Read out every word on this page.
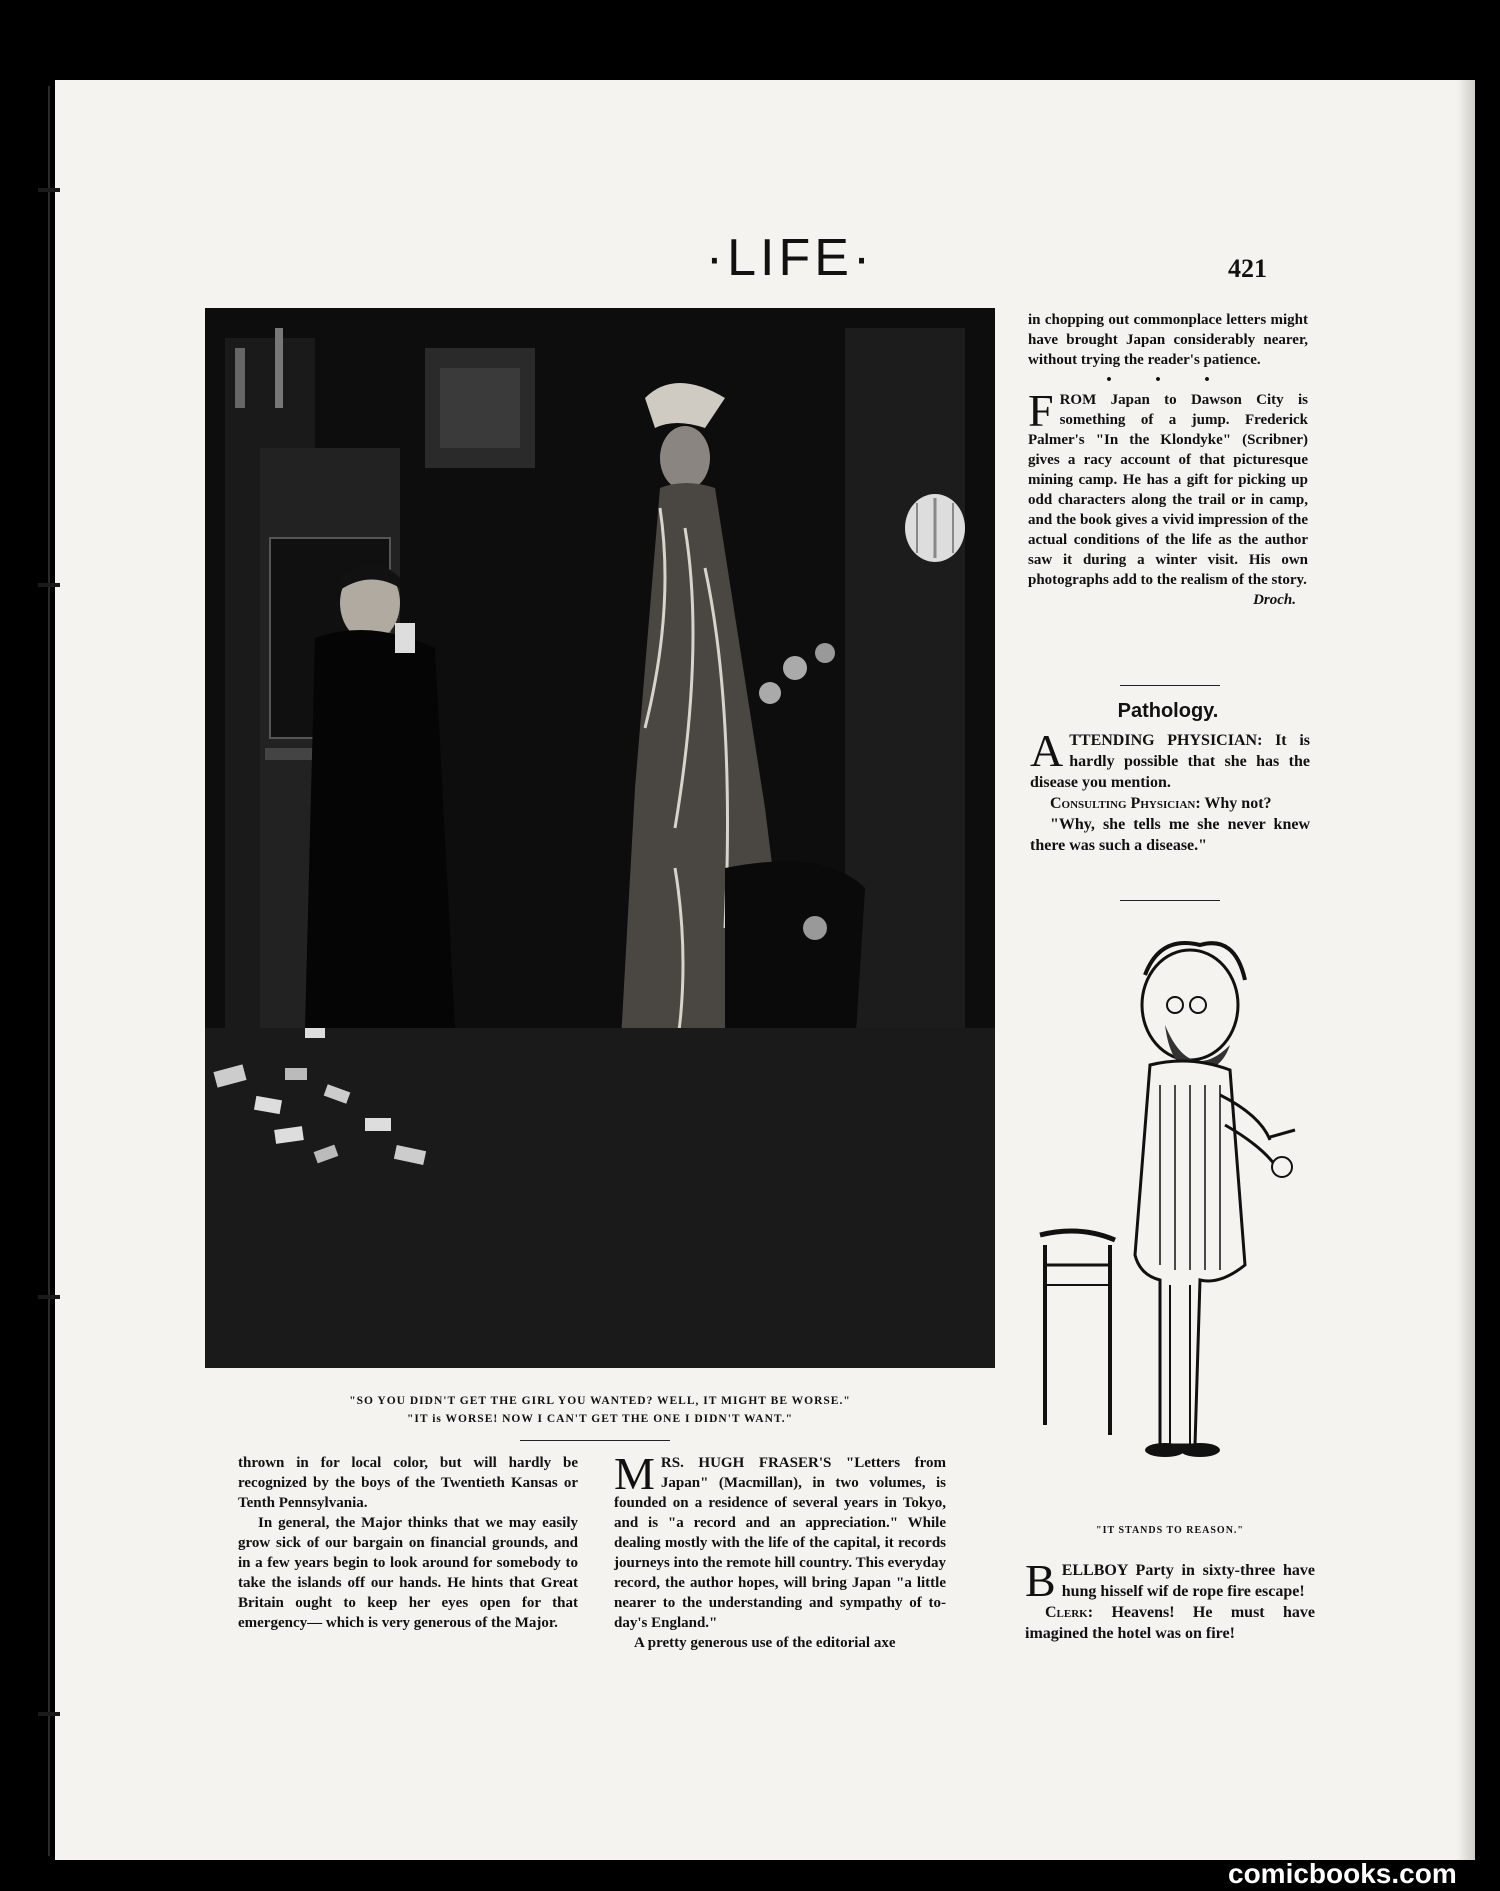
·LIFE·	421
"SO YOU DIDN'T GET THE GIRL YOU WANTED? WELL, IT MIGHT BE WORSE."
"IT is WORSE! NOW I CAN'T GET THE ONE I DIDN'T WANT."

thrown in for local color, but will hardly be recognized by the boys of the Twentieth Kansas or Tenth Pennsylvania.

In general, the Major thinks that we may easily grow sick of our bargain on financial grounds, and in a few years begin to look around for somebody to take the islands off our hands. He hints that Great Britain ought to keep her eyes open for that emergency— which is very generous of the Major.

MRS. HUGH FRASER'S "Letters from Japan" (Macmillan), in two volumes, is founded on a residence of several years in Tokyo, and is "a record and an appreciation." While dealing mostly with the life of the capital, it records journeys into the remote hill country. This everyday record, the author hopes, will bring Japan "a little nearer to the understanding and sympathy of to-day's England."

A pretty generous use of the editorial axe

in chopping out commonplace letters might have brought Japan considerably nearer, without trying the reader's patience.

• • •

FROM Japan to Dawson City is something of a jump. Frederick Palmer's "In the Klondyke" (Scribner) gives a racy account of that picturesque mining camp. He has a gift for picking up odd characters along the trail or in camp, and the book gives a vivid impression of the actual conditions of the life as the author saw it during a winter visit. His own photographs add to the realism of the story.

Droch.

Pathology.

ATTENDING PHYSICIAN: It is hardly possible that she has the disease you mention.

Consulting Physician: Why not?

"Why, she tells me she never knew there was such a disease."

"IT STANDS TO REASON."

BELLBOY Party in sixty-three have hung hisself wif de rope fire escape!

Clerk: Heavens! He must have imagined the hotel was on fire!

comicbooks.com
